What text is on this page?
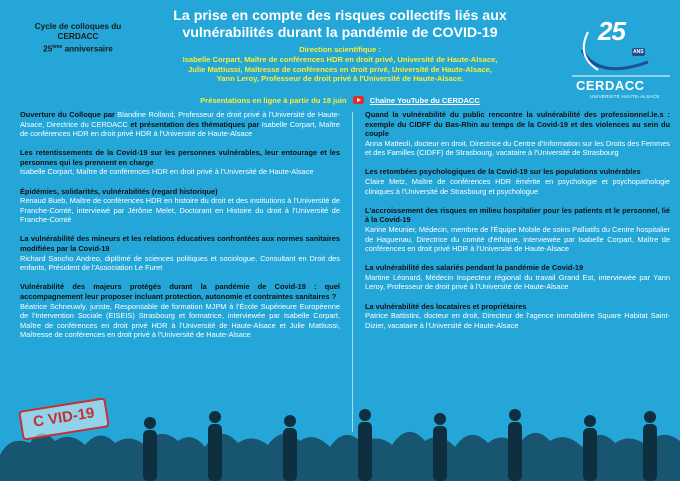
Cycle de colloques du
CERDACC
25ème anniversaire
La prise en compte des risques collectifs liés aux
vulnérabilités durant la pandémie de COVID-19
Direction scientifique :
Isabelle Corpart, Maître de conférences HDR en droit privé, Université de Haute-Alsace,
Julie Mattiussi, Maîtresse de conférences en droit privé, Université de Haute-Alsace,
Yann Leroy, Professeur de droit privé à l'Université de Haute-Alsace.
Présentations en ligne à partir du 18 juin	Chaîne YouTube du CERDACC
25
ANS
CERDACC
UNIVERSITÉ HAUTE-ALSACE
Ouverture du Colloque par Blandine Rolland, Professeur de droit privé à l'Université de Haute-Alsace, Directrice du CERDACC et présentation des thématiques par Isabelle Corpart, Maître de conférences HDR en droit privé HDR à l'Université de Haute-Alsace
Les retentissements de la Covid-19 sur les personnes vulnérables, leur entourage et les personnes qui les prennent en charge
Isabelle Corpart, Maître de conférences HDR en droit privé à l'Université de Haute-Alsace
Épidémies, solidarités, vulnérabilités (regard historique)
Renaud Bueb, Maître de conférences HDR en histoire du droit et des institutions à l'Université de Franche-Comté, interviewé par Jérôme Melet, Doctorant en Histoire du droit à l'Université de Franche-Comté
La vulnérabilité des mineurs et les relations éducatives confrontées aux normes sanitaires modifiées par la Covid-19
Richard Sancho Andreo, diplômé de sciences politiques et sociologue, Consultant en Droit des enfants, Président de l'Association Le Furet
Vulnérabilité des majeurs protégés durant la pandémie de Covid-19 : quel accompagnement leur proposer incluant protection, autonomie et contraintes sanitaires ?
Béatrice Schneuwly, juriste, Responsable de formation MJPM à l'École Supérieure Européenne de l'Intervention Sociale (EISEIS) Strasbourg et formatrice, interviewée par Isabelle Corpart, Maître de conférences en droit privé HDR à l'Université de Haute-Alsace et Julie Mattiussi, Maîtresse de conférences en droit privé à l'Université de Haute-Alsace
Quand la vulnérabilité du public rencontre la vulnérabilité des professionnel.le.s : exemple du CIDFF du Bas-Rhin au temps de la Covid-19 et des violences au sein du couple
Anna Matteoli, docteur en droit, Directrice du Centre d'Information sur les Droits des Femmes et des Familles (CIDFF) de Strasbourg, vacataire à l'Université de Strasbourg
Les retombées psychologiques de la Covid-19 sur les populations vulnérables
Claire Metz, Maître de conférences HDR émérite en psychologie et psychopathologie cliniques à l'Université de Strasbourg et psychologue
L'accroissement des risques en milieu hospitalier pour les patients et le personnel, lié à la Covid-19
Karine Meunier, Médecin, membre de l'Équipe Mobile de soins Palliatifs du Centre hospitalier de Haguenau, Directrice du comité d'éthique, interviewée par Isabelle Corpart, Maître de conférences en droit privé HDR à l'Université de Haute-Alsace
La vulnérabilité des salariés pendant la pandémie de Covid-19
Martine Léonard, Médecin Inspecteur régional du travail Grand Est, interviewée par Yann Leroy, Professeur de droit privé à l'Université de Haute-Alsace
La vulnérabilité des locataires et propriétaires
Patrice Battistini, docteur en droit, Directeur de l'agence immobilière Square Habitat Saint-Dizier, vacataire à l'Université de Haute-Alsace
C VID-19
